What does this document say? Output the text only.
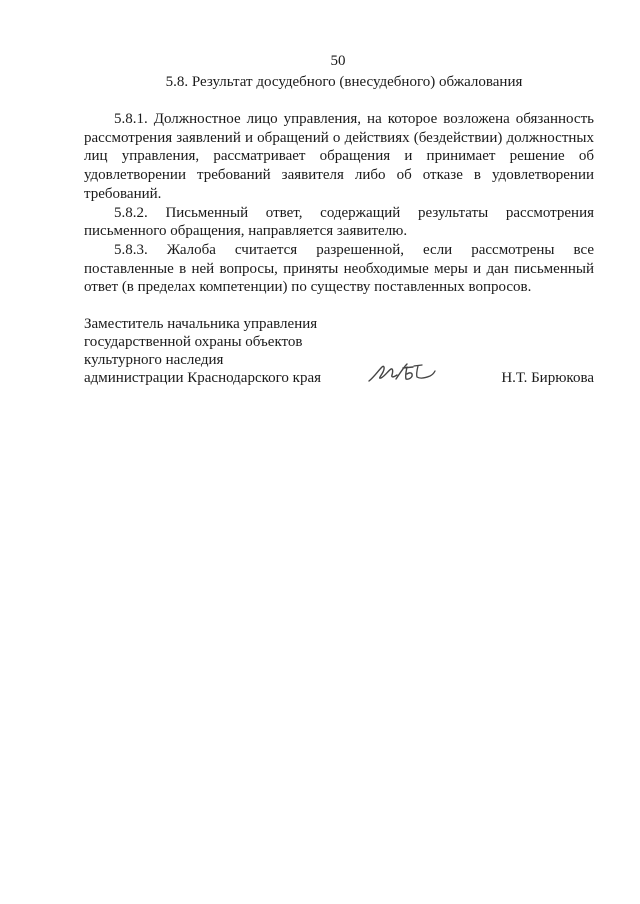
50
5.8. Результат досудебного (внесудебного) обжалования

5.8.1. Должностное лицо управления, на которое возложена обязанность рассмотрения заявлений и обращений о действиях (бездействии) должностных лиц управления, рассматривает обращения и принимает решение об удовлетворении требований заявителя либо об отказе в удовлетворении требований.

5.8.2. Письменный ответ, содержащий результаты рассмотрения письменного обращения, направляется заявителю.

5.8.3. Жалоба считается разрешенной, если рассмотрены все поставленные в ней вопросы, приняты необходимые меры и дан письменный ответ (в пределах компетенции) по существу поставленных вопросов.

Заместитель начальника управления
государственной охраны объектов
культурного наследия
администрации Краснодарского края	Н.Т. Бирюкова
